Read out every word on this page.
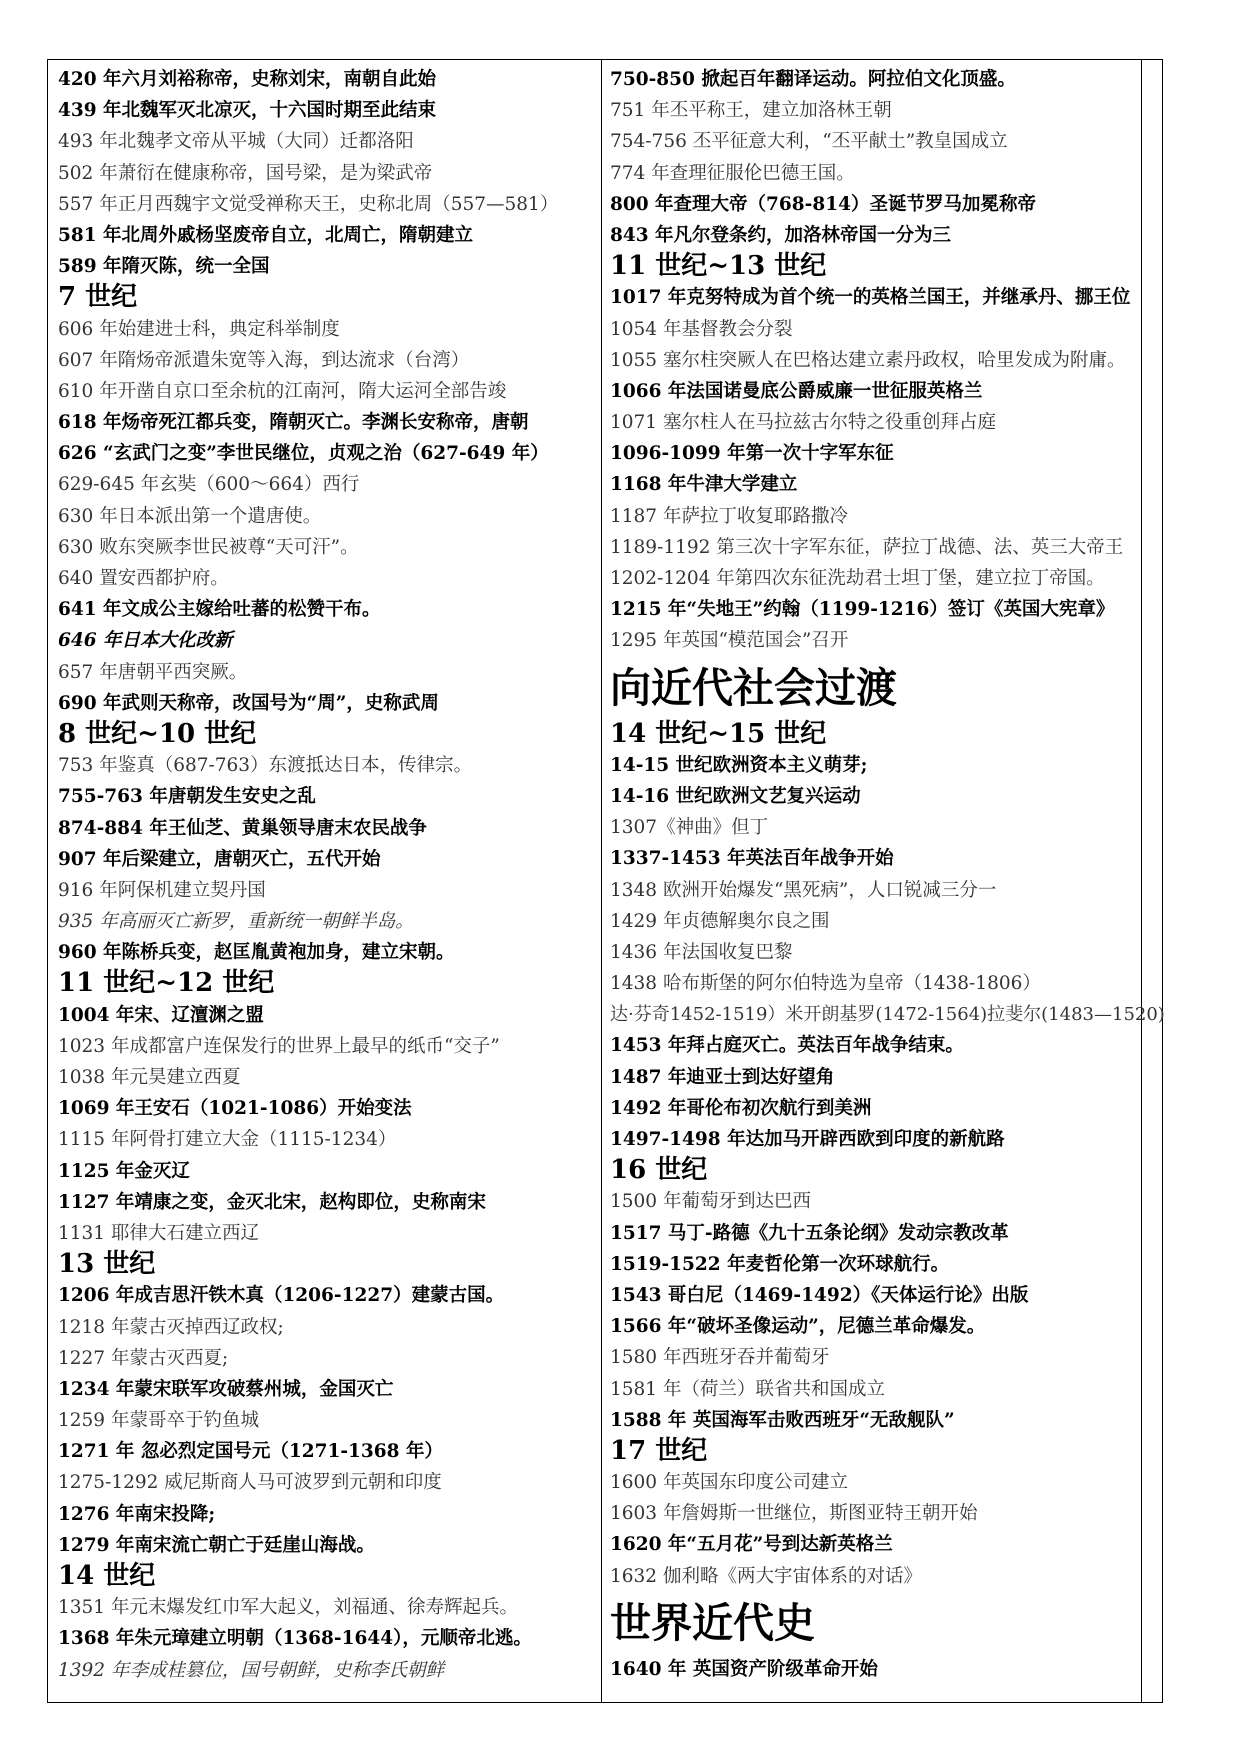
420 年六月刘裕称帝，史称刘宋，南朝自此始
439 年北魏军灭北凉灭，十六国时期至此结束
493 年北魏孝文帝从平城（大同）迁都洛阳
502 年萧衍在健康称帝，国号梁，是为梁武帝
557 年正月西魏宇文觉受禅称天王，史称北周（557—581）
581 年北周外戚杨坚废帝自立，北周亡，隋朝建立
589 年隋灭陈，统一全国
7 世纪
606 年始建进士科，典定科举制度
607 年隋炀帝派遣朱宽等入海，到达流求（台湾）
610 年开凿自京口至余杭的江南河，隋大运河全部告竣
618 年炀帝死江都兵变，隋朝灭亡。李渊长安称帝，唐朝
626 “玄武门之变”李世民继位，贞观之治（627-649 年）
629-645 年玄奘（600～664）西行
630 年日本派出第一个遣唐使。
630 败东突厥李世民被尊“天可汗”。
640 置安西都护府。
641 年文成公主嫁给吐蕃的松赞干布。
646 年日本大化改新
657 年唐朝平西突厥。
690 年武则天称帝，改国号为“周”，史称武周
8 世纪~10 世纪
753 年鉴真（687-763）东渡抵达日本，传律宗。
755-763 年唐朝发生安史之乱
874-884 年王仙芝、黄巢领导唐末农民战争
907 年后梁建立，唐朝灭亡，五代开始
916 年阿保机建立契丹国
935 年高丽灭亡新罗，重新统一朝鲜半岛。
960 年陈桥兵变，赵匡胤黄袍加身，建立宋朝。
11 世纪~12 世纪
1004 年宋、辽澶渊之盟
1023 年成都富户连保发行的世界上最早的纸币“交子”
1038 年元昊建立西夏
1069 年王安石（1021-1086）开始变法
1115 年阿骨打建立大金（1115-1234）
1125 年金灭辽
1127 年靖康之变，金灭北宋，赵构即位，史称南宋
1131 耶律大石建立西辽
13 世纪
1206 年成吉思汗铁木真（1206-1227）建蒙古国。
1218 年蒙古灭掉西辽政权;
1227 年蒙古灭西夏;
1234 年蒙宋联军攻破蔡州城，金国灭亡
1259 年蒙哥卒于钓鱼城
1271 年 忽必烈定国号元（1271-1368 年）
1275-1292 威尼斯商人马可波罗到元朝和印度
1276 年南宋投降;
1279 年南宋流亡朝亡于廷崖山海战。
14 世纪
1351 年元末爆发红巾军大起义，刘福通、徐寿辉起兵。
1368 年朱元璋建立明朝（1368-1644），元顺帝北逃。
1392 年李成桂篡位，国号朝鲜，史称李氏朝鲜
750-850 掀起百年翻译运动。阿拉伯文化顶盛。
751 年丕平称王，建立加洛林王朝
754-756 丕平征意大利，“丕平献土”教皇国成立
774 年查理征服伦巴德王国。
800 年查理大帝（768-814）圣诞节罗马加冕称帝
843 年凡尔登条约，加洛林帝国一分为三
11 世纪~13 世纪
1017 年克努特成为首个统一的英格兰国王，并继承丹、挪王位
1054 年基督教会分裂
1055 塞尔柱突厥人在巴格达建立素丹政权，哈里发成为附庸。
1066 年法国诺曼底公爵威廉一世征服英格兰
1071 塞尔柱人在马拉兹古尔特之役重创拜占庭
1096-1099 年第一次十字军东征
1168 年牛津大学建立
1187 年萨拉丁收复耶路撒冷
1189-1192 第三次十字军东征，萨拉丁战德、法、英三大帝王
1202-1204 年第四次东征洗劫君士坦丁堡，建立拉丁帝国。
1215 年“失地王”约翰（1199-1216）签订《英国大宪章》
1295 年英国“模范国会”召开
向近代社会过渡
14 世纪~15 世纪
14-15 世纪欧洲资本主义萌芽;
14-16 世纪欧洲文艺复兴运动
1307《神曲》但丁
1337-1453 年英法百年战争开始
1348 欧洲开始爆发“黑死病”，人口锐减三分一
1429 年贞德解奥尔良之围
1436 年法国收复巴黎
1438 哈布斯堡的阿尔伯特选为皇帝（1438-1806）
达·芬奇1452-1519）米开朗基罗(1472-1564)拉斐尔(1483—1520)
1453 年拜占庭灭亡。英法百年战争结束。
1487 年迪亚士到达好望角
1492 年哥伦布初次航行到美洲
1497-1498 年达加马开辟西欧到印度的新航路
16 世纪
1500 年葡萄牙到达巴西
1517 马丁-路德《九十五条论纲》发动宗教改革
1519-1522 年麦哲伦第一次环球航行。
1543 哥白尼（1469-1492）《天体运行论》出版
1566 年“破坏圣像运动”，尼德兰革命爆发。
1580 年西班牙吞并葡萄牙
1581 年（荷兰）联省共和国成立
1588 年 英国海军击败西班牙“无敌舰队”
17 世纪
1600 年英国东印度公司建立
1603 年詹姆斯一世继位，斯图亚特王朝开始
1620 年“五月花”号到达新英格兰
1632 伽利略《两大宇宙体系的对话》
世界近代史
1640 年 英国资产阶级革命开始
